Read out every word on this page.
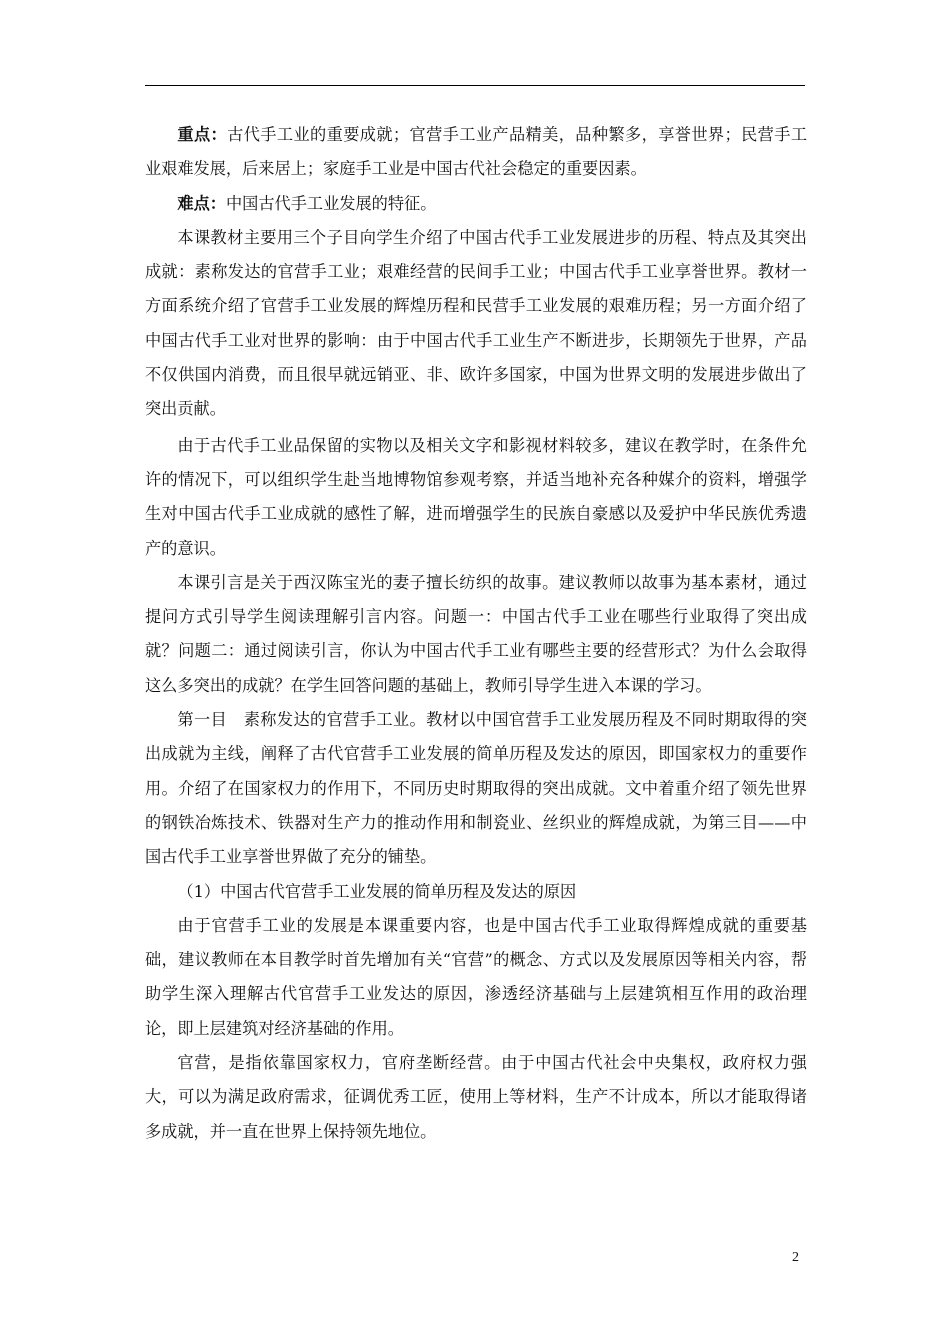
重点：古代手工业的重要成就；官营手工业产品精美，品种繁多，享誉世界；民营手工业艰难发展，后来居上；家庭手工业是中国古代社会稳定的重要因素。

难点：中国古代手工业发展的特征。

本课教材主要用三个子目向学生介绍了中国古代手工业发展进步的历程、特点及其突出成就：素称发达的官营手工业；艰难经营的民间手工业；中国古代手工业享誉世界。教材一方面系统介绍了官营手工业发展的辉煌历程和民营手工业发展的艰难历程；另一方面介绍了中国古代手工业对世界的影响：由于中国古代手工业生产不断进步，长期领先于世界，产品不仅供国内消费，而且很早就远销亚、非、欧许多国家，中国为世界文明的发展进步做出了突出贡献。

由于古代手工业品保留的实物以及相关文字和影视材料较多，建议在教学时，在条件允许的情况下，可以组织学生赴当地博物馆参观考察，并适当地补充各种媒介的资料，增强学生对中国古代手工业成就的感性了解，进而增强学生的民族自豪感以及爱护中华民族优秀遗产的意识。

本课引言是关于西汉陈宝光的妻子擅长纺织的故事。建议教师以故事为基本素材，通过提问方式引导学生阅读理解引言内容。问题一：中国古代手工业在哪些行业取得了突出成就？问题二：通过阅读引言，你认为中国古代手工业有哪些主要的经营形式？为什么会取得这么多突出的成就？在学生回答问题的基础上，教师引导学生进入本课的学习。

第一目　素称发达的官营手工业。教材以中国官营手工业发展历程及不同时期取得的突出成就为主线，阐释了古代官营手工业发展的简单历程及发达的原因，即国家权力的重要作用。介绍了在国家权力的作用下，不同历史时期取得的突出成就。文中着重介绍了领先世界的钢铁冶炼技术、铁器对生产力的推动作用和制瓷业、丝织业的辉煌成就，为第三目——中国古代手工业享誉世界做了充分的铺垫。

（1）中国古代官营手工业发展的简单历程及发达的原因

由于官营手工业的发展是本课重要内容，也是中国古代手工业取得辉煌成就的重要基础，建议教师在本目教学时首先增加有关“官营”的概念、方式以及发展原因等相关内容，帮助学生深入理解古代官营手工业发达的原因，渗透经济基础与上层建筑相互作用的政治理论，即上层建筑对经济基础的作用。

官营，是指依靠国家权力，官府垄断经营。由于中国古代社会中央集权，政府权力强大，可以为满足政府需求，征调优秀工匠，使用上等材料，生产不计成本，所以才能取得诸多成就，并一直在世界上保持领先地位。

2
